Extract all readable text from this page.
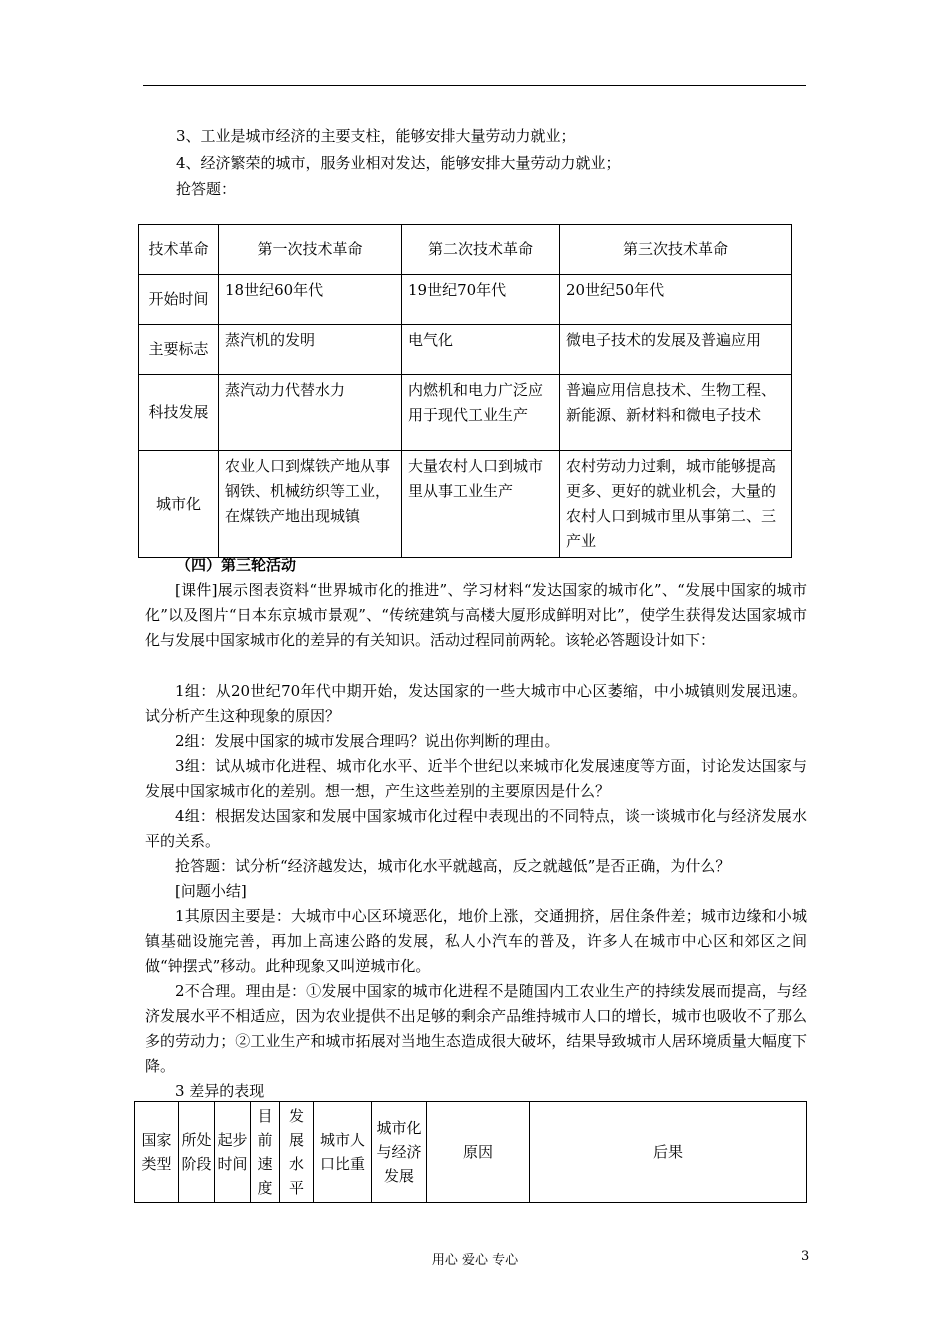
3、工业是城市经济的主要支柱，能够安排大量劳动力就业；
4、经济繁荣的城市，服务业相对发达，能够安排大量劳动力就业；
抢答题：
技术革命	第一次技术革命	第二次技术革命	第三次技术革命
开始时间	18世纪60年代	19世纪70年代	20世纪50年代
主要标志	蒸汽机的发明	电气化	微电子技术的发展及普遍应用
科技发展	蒸汽动力代替水力	内燃机和电力广泛应用于现代工业生产	普遍应用信息技术、生物工程、新能源、新材料和微电子技术
城市化	农业人口到煤铁产地从事钢铁、机械纺织等工业，在煤铁产地出现城镇	大量农村人口到城市里从事工业生产	农村劳动力过剩，城市能够提高更多、更好的就业机会，大量的农村人口到城市里从事第二、三产业
（四）第三轮活动
[课件]展示图表资料“世界城市化的推进”、学习材料“发达国家的城市化”、“发展中国家的城市化”以及图片“日本东京城市景观”、“传统建筑与高楼大厦形成鲜明对比”，使学生获得发达国家城市化与发展中国家城市化的差异的有关知识。活动过程同前两轮。该轮必答题设计如下：
1组：从20世纪70年代中期开始，发达国家的一些大城市中心区萎缩，中小城镇则发展迅速。试分析产生这种现象的原因？
2组：发展中国家的城市发展合理吗？说出你判断的理由。
3组：试从城市化进程、城市化水平、近半个世纪以来城市化发展速度等方面，讨论发达国家与发展中国家城市化的差别。想一想，产生这些差别的主要原因是什么？
4组：根据发达国家和发展中国家城市化过程中表现出的不同特点，谈一谈城市化与经济发展水平的关系。
抢答题：试分析“经济越发达，城市化水平就越高，反之就越低”是否正确，为什么？
[问题小结]
1其原因主要是：大城市中心区环境恶化，地价上涨，交通拥挤，居住条件差；城市边缘和小城镇基础设施完善，再加上高速公路的发展，私人小汽车的普及，许多人在城市中心区和郊区之间做“钟摆式”移动。此种现象又叫逆城市化。
2不合理。理由是：①发展中国家的城市化进程不是随国内工农业生产的持续发展而提高，与经济发展水平不相适应，因为农业提供不出足够的剩余产品维持城市人口的增长，城市也吸收不了那么多的劳动力；②工业生产和城市拓展对当地生态造成很大破坏，结果导致城市人居环境质量大幅度下降。
3 差异的表现
国家类型	所处阶段	起步时间	目前速度	发展水平	城市人口比重	城市化与经济发展	原因	后果
用心 爱心 专心	3
